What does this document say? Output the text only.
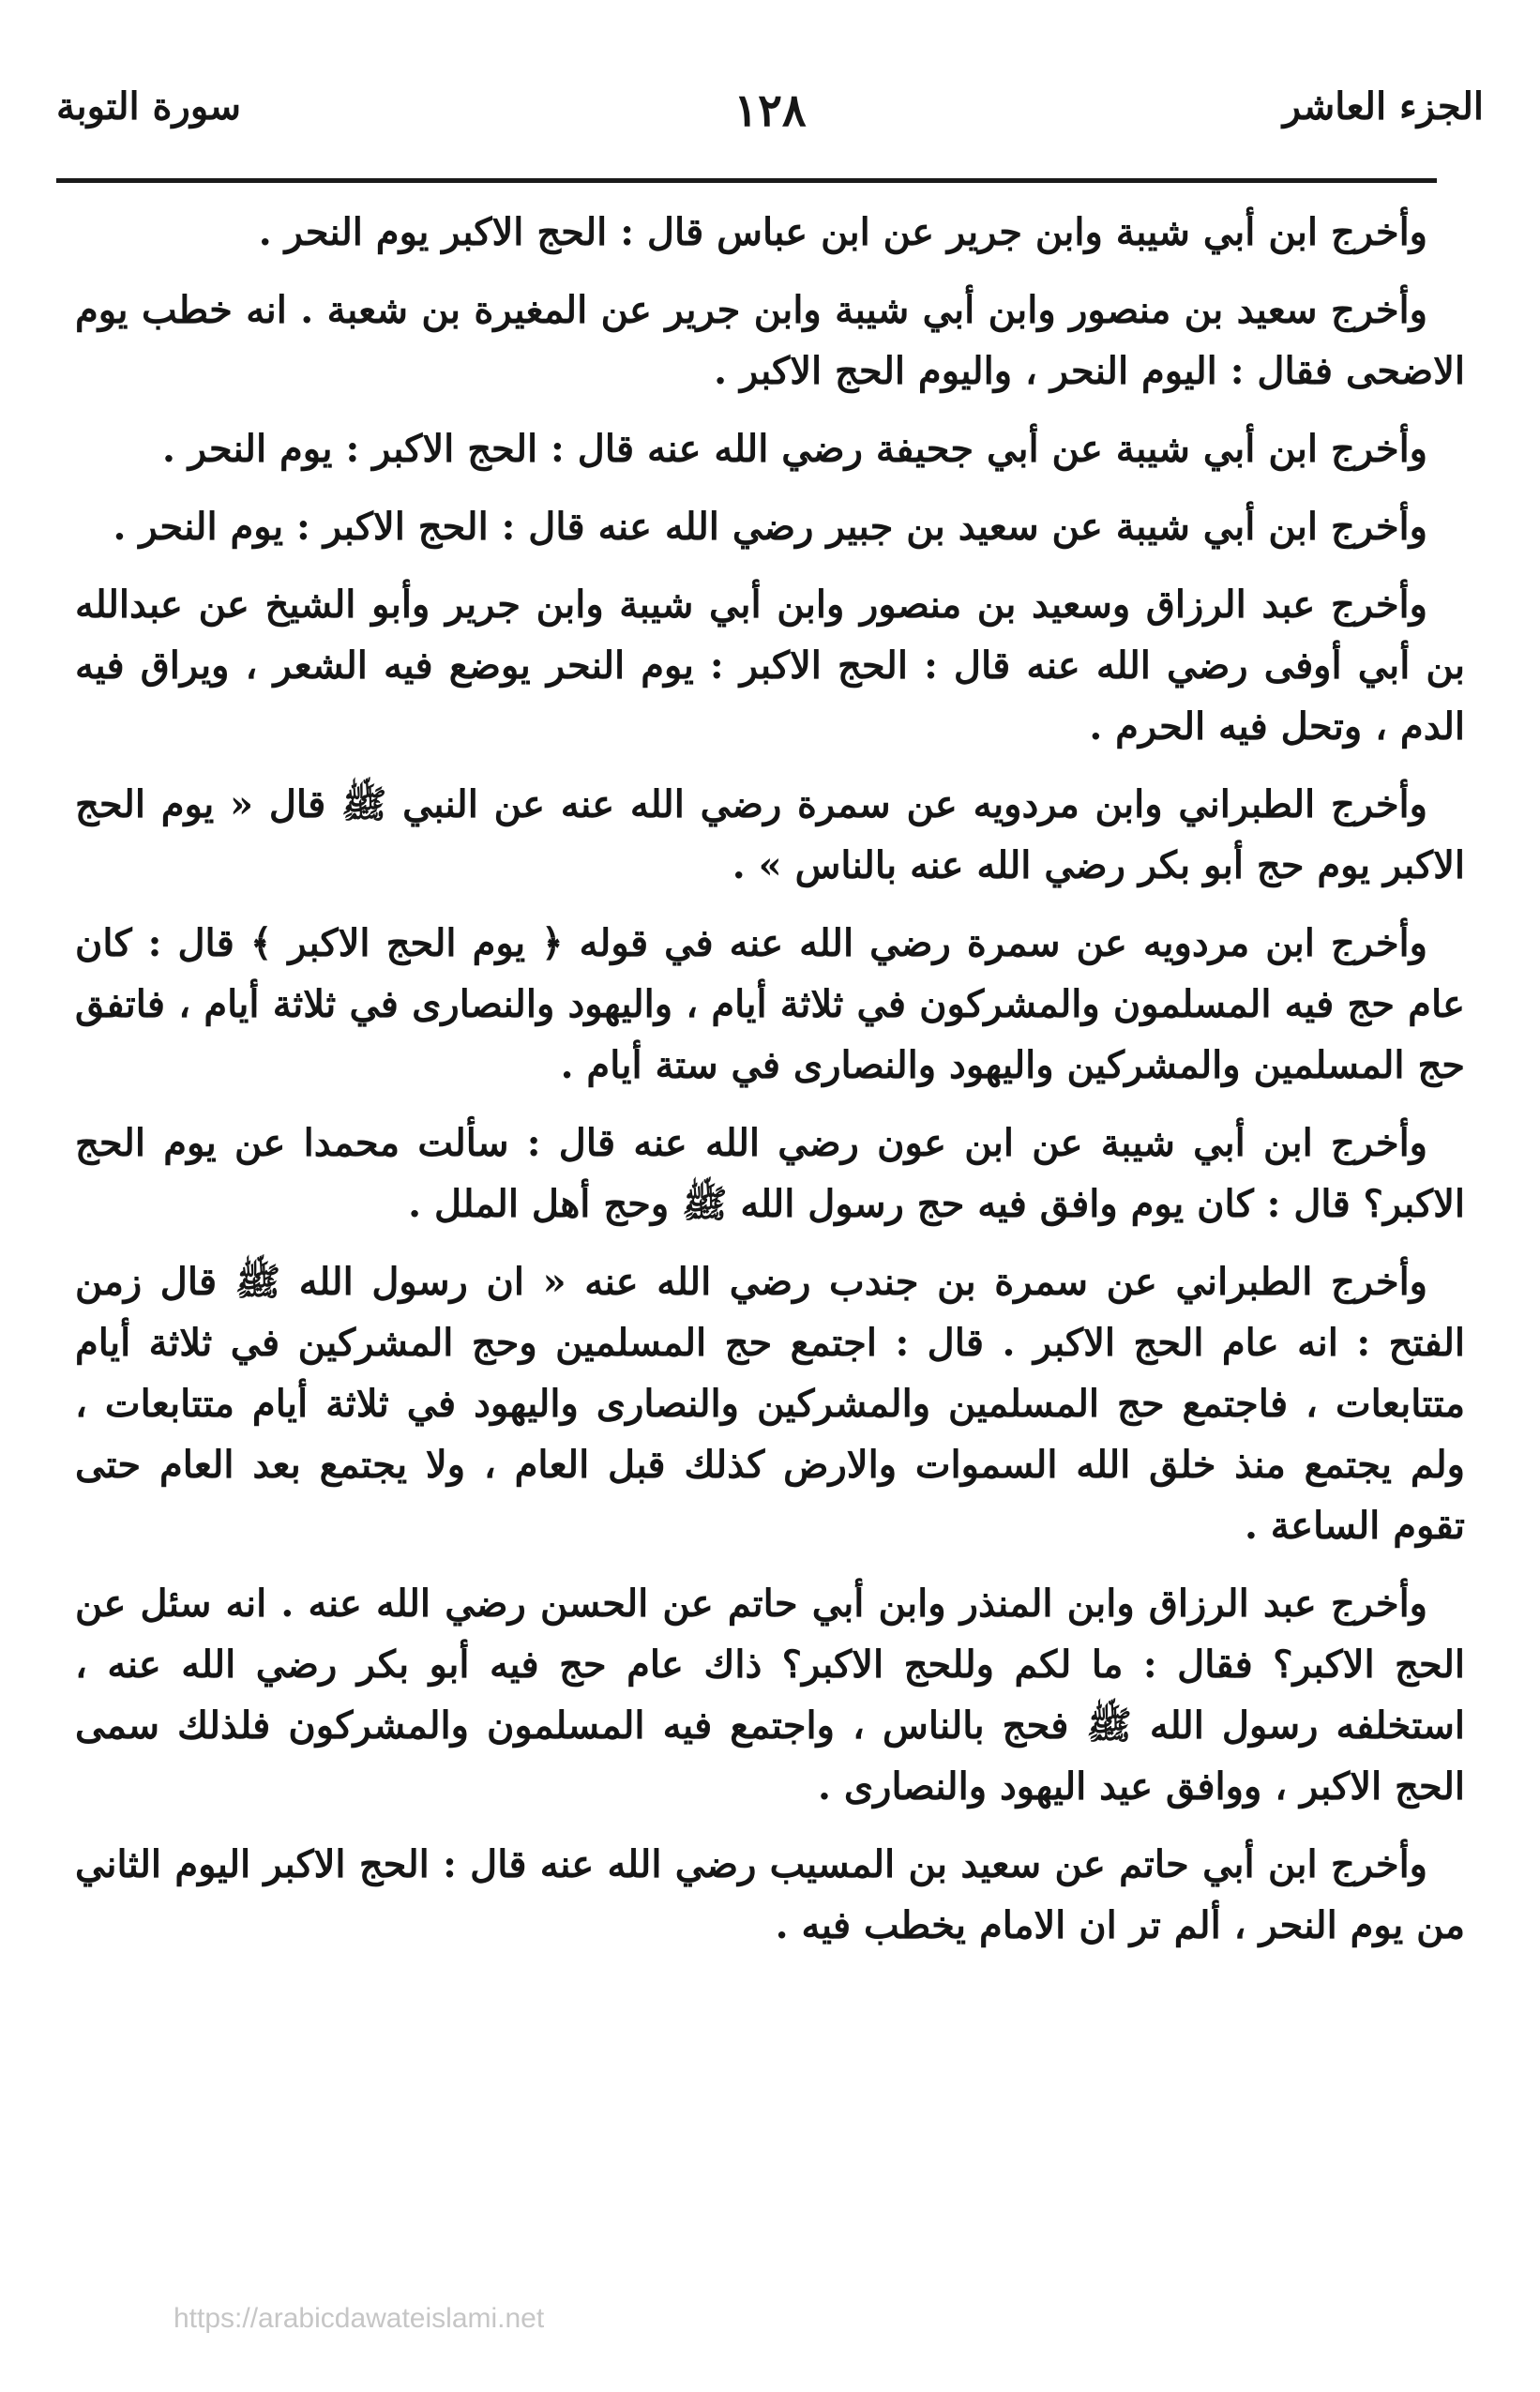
الجزء العاشر
١٢٨
سورة التوبة

وأخرج ابن أبي شيبة وابن جرير عن ابن عباس قال : الحج الاكبر يوم النحر .

وأخرج سعيد بن منصور وابن أبي شيبة وابن جرير عن المغيرة بن شعبة . انه خطب يوم الاضحى فقال : اليوم النحر ، واليوم الحج الاكبر .

وأخرج ابن أبي شيبة عن أبي جحيفة رضي الله عنه قال : الحج الاكبر : يوم النحر .

وأخرج ابن أبي شيبة عن سعيد بن جبير رضي الله عنه قال : الحج الاكبر : يوم النحر .

وأخرج عبد الرزاق وسعيد بن منصور وابن أبي شيبة وابن جرير وأبو الشيخ عن عبدالله بن أبي أوفى رضي الله عنه قال : الحج الاكبر : يوم النحر يوضع فيه الشعر ، ويراق فيه الدم ، وتحل فيه الحرم .

وأخرج الطبراني وابن مردويه عن سمرة رضي الله عنه عن النبي ﷺ قال « يوم الحج الاكبر يوم حج أبو بكر رضي الله عنه بالناس » .

وأخرج ابن مردويه عن سمرة رضي الله عنه في قوله ﴿ يوم الحج الاكبر ﴾ قال : كان عام حج فيه المسلمون والمشركون في ثلاثة أيام ، واليهود والنصارى في ثلاثة أيام ، فاتفق حج المسلمين والمشركين واليهود والنصارى في ستة أيام .

وأخرج ابن أبي شيبة عن ابن عون رضي الله عنه قال : سألت محمدا عن يوم الحج الاكبر؟ قال : كان يوم وافق فيه حج رسول الله ﷺ وحج أهل الملل .

وأخرج الطبراني عن سمرة بن جندب رضي الله عنه « ان رسول الله ﷺ قال زمن الفتح : انه عام الحج الاكبر . قال : اجتمع حج المسلمين وحج المشركين في ثلاثة أيام متتابعات ، فاجتمع حج المسلمين والمشركين والنصارى واليهود في ثلاثة أيام متتابعات ، ولم يجتمع منذ خلق الله السموات والارض كذلك قبل العام ، ولا يجتمع بعد العام حتى تقوم الساعة .

وأخرج عبد الرزاق وابن المنذر وابن أبي حاتم عن الحسن رضي الله عنه . انه سئل عن الحج الاكبر؟ فقال : ما لكم وللحج الاكبر؟ ذاك عام حج فيه أبو بكر رضي الله عنه ، استخلفه رسول الله ﷺ فحج بالناس ، واجتمع فيه المسلمون والمشركون فلذلك سمى الحج الاكبر ، ووافق عيد اليهود والنصارى .

وأخرج ابن أبي حاتم عن سعيد بن المسيب رضي الله عنه قال : الحج الاكبر اليوم الثاني من يوم النحر ، ألم تر ان الامام يخطب فيه .

https://arabicdawateislami.net
